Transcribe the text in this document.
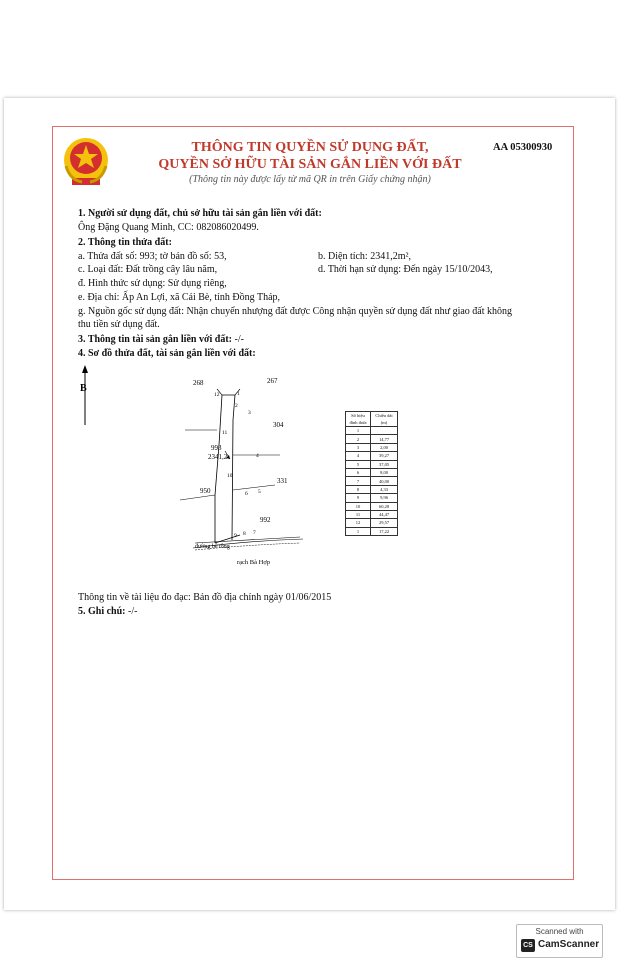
THÔNG TIN QUYỀN SỬ DỤNG ĐẤT,
QUYỀN SỞ HỮU TÀI SẢN GẮN LIỀN VỚI ĐẤT
(Thông tin này được lấy từ mã QR in trên Giấy chứng nhận)
AA 05300930
1. Người sử dụng đất, chủ sở hữu tài sản gắn liền với đất:
Ông Đặng Quang Minh, CC: 082086020499.
2. Thông tin thửa đất:
a. Thửa đất số: 993; tờ bản đồ số: 53,	b. Diện tích: 2341,2m²,
c. Loại đất: Đất trồng cây lâu năm,	d. Thời hạn sử dụng: Đến ngày 15/10/2043,
đ. Hình thức sử dụng: Sử dụng riêng,
e. Địa chỉ: Ấp An Lợi, xã Cái Bè, tỉnh Đồng Tháp,
g. Nguồn gốc sử dụng đất: Nhận chuyển nhượng đất được Công nhận quyền sử dụng đất như giao đất không
thu tiền sử dụng đất.
3. Thông tin tài sản gắn liền với đất: -/-
4. Sơ đồ thửa đất, tài sản gắn liền với đất:
B	268	267
304
331
950
992
993
2341,2
12	1
2
3
11
4
10
5
6
9 8 7
đường bê tông
rạch Bà Hợp
Số hiệu đỉnh thửa	Chiều dài (m)
1	
2	14,77
3	2,00
4	39,27
5	37,05
6	8,00
7	40,00
8	4,33
9	9,96
10	60,28
11	44,47
12	29,57
1	17,22
Thông tin về tài liệu đo đạc: Bản đồ địa chính ngày 01/06/2015
5. Ghi chú: -/-
Scanned with
CS CamScanner
